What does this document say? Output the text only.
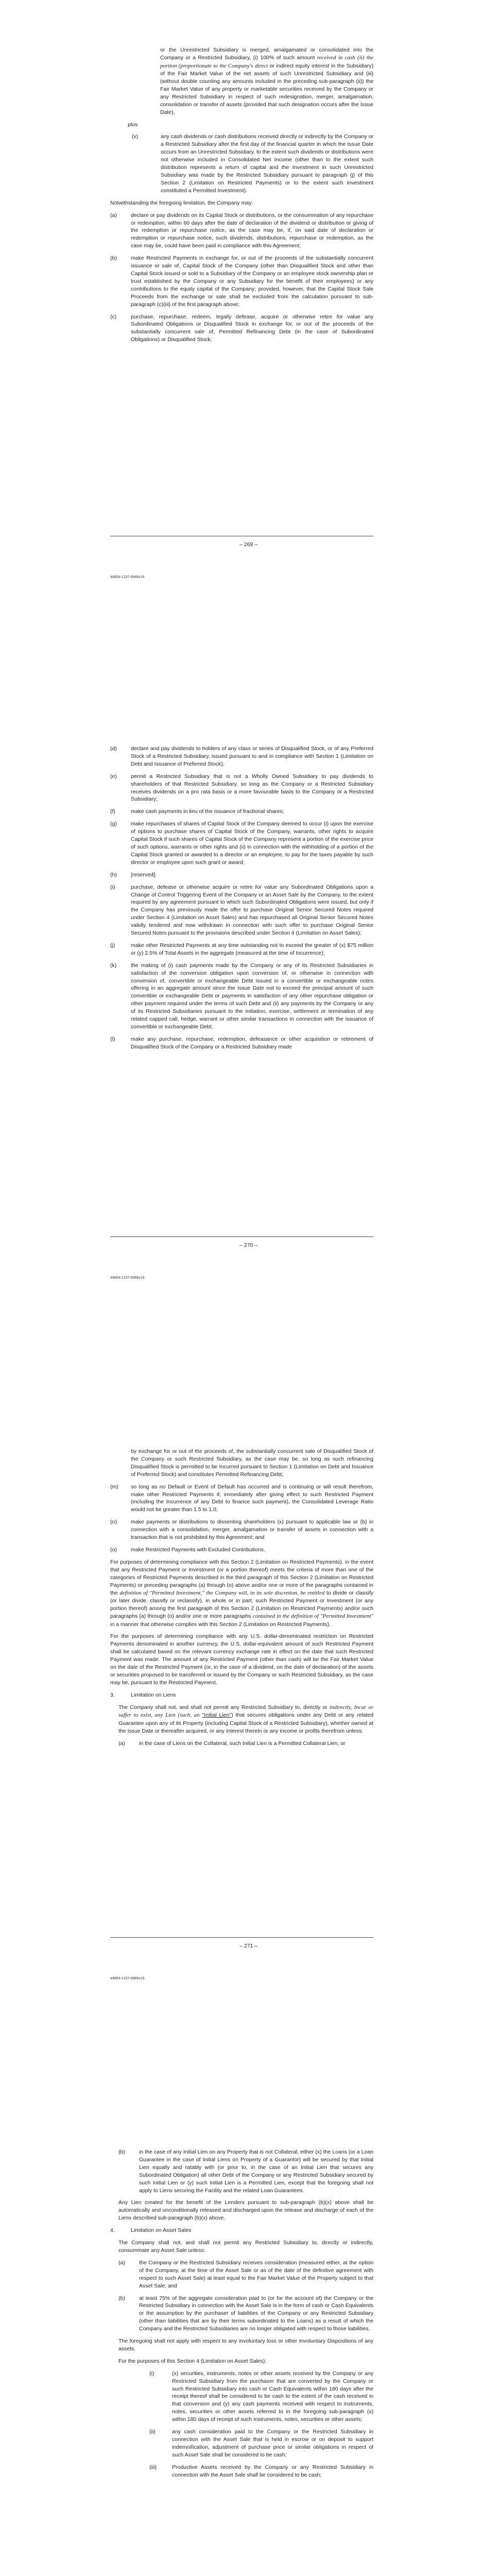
or the Unrestricted Subsidiary is merged, amalgamated or consolidated into the Company or a Restricted Subsidiary, (i) 100% of such amount received in cash (ii) the portion (proportionate to the Company's direct or indirect equity interest in the Subsidiary) of the Fair Market Value of the net assets of such Unrestricted Subsidiary and (iii) (without double counting any amounts included in the preceding sub-paragraph (ii)) the Fair Market Value of any property or marketable securities received by the Company or any Restricted Subsidiary in respect of such redesignation, merger, amalgamation, consolidation or transfer of assets (provided that such designation occurs after the Issue Date),

plus

(v)	any cash dividends or cash distributions received directly or indirectly by the Company or a Restricted Subsidiary after the first day of the financial quarter in which the Issue Date occurs from an Unrestricted Subsidiary, to the extent such dividends or distributions were not otherwise included in Consolidated Net Income (other than to the extent such distribution represents a return of capital and the Investment in such Unrestricted Subsidiary was made by the Restricted Subsidiary pursuant to paragraph (j) of this Section 2 (Limitation on Restricted Payments) or to the extent such Investment constituted a Permitted Investment).

Notwithstanding the foregoing limitation, the Company may:

(a)	declare or pay dividends on its Capital Stock or distributions, or the consummation of any repurchase or redemption, within 60 days after the date of declaration of the dividend or distribution or giving of the redemption or repurchase notice, as the case may be, if, on said date of declaration or redemption or repurchase notice, such dividends, distributions, repurchase or redemption, as the case may be, could have been paid in compliance with this Agreement;

(b)	make Restricted Payments in exchange for, or out of the proceeds of the substantially concurrent issuance or sale of, Capital Stock of the Company (other than Disqualified Stock and other than Capital Stock issued or sold to a Subsidiary of the Company or an employee stock ownership plan or trust established by the Company or any Subsidiary for the benefit of their employees) or any contributions to the equity capital of the Company; provided, however, that the Capital Stock Sale Proceeds from the exchange or sale shall be excluded from the calculation pursuant to sub-paragraph (c)(iii) of the first paragraph above;

(c)	purchase, repurchase, redeem, legally defease, acquire or otherwise retire for value any Subordinated Obligations or Disqualified Stock in exchange for, or out of the proceeds of the substantially concurrent sale of, Permitted Refinancing Debt (in the case of Subordinated Obligations) or Disqualified Stock;

– 269 –
#4854-1237-6966v16
(d)	declare and pay dividends to holders of any class or series of Disqualified Stock, or of any Preferred Stock of a Restricted Subsidiary, issued pursuant to and in compliance with Section 1 (Limitation on Debt and Issuance of Preferred Stock);

(e)	permit a Restricted Subsidiary that is not a Wholly Owned Subsidiary to pay dividends to shareholders of that Restricted Subsidiary, so long as the Company or a Restricted Subsidiary receives dividends on a pro rata basis or a more favourable basis to the Company or a Restricted Subsidiary;

(f)	make cash payments in lieu of the issuance of fractional shares;

(g)	make repurchases of shares of Capital Stock of the Company deemed to occur (i) upon the exercise of options to purchase shares of Capital Stock of the Company, warrants, other rights to acquire Capital Stock if such shares of Capital Stock of the Company represent a portion of the exercise price of such options, warrants or other rights and (ii) in connection with the withholding of a portion of the Capital Stock granted or awarded to a director or an employee, to pay for the taxes payable by such director or employee upon such grant or award;

(h)	[reserved];

(i)	purchase, defease or otherwise acquire or retire for value any Subordinated Obligations upon a Change of Control Triggering Event of the Company or an Asset Sale by the Company, to the extent required by any agreement pursuant to which such Subordinated Obligations were issued, but only if the Company has previously made the offer to purchase Original Senior Secured Notes required under Section 4 (Limitation on Asset Sales) and has repurchased all Original Senior Secured Notes validly tendered and now withdrawn in connection with such offer to purchase Original Senior Secured Notes pursuant to the provisions described under Section 4 (Limitation on Asset Sales);

(j)	make other Restricted Payments at any time outstanding not to exceed the greater of (x) $75 million or (y) 2.5% of Total Assets in the aggregate (measured at the time of Incurrence);

(k)	the making of (i) cash payments made by the Company or any of its Restricted Subsidiaries in satisfaction of the conversion obligation upon conversion of, or otherwise in connection with conversion of, convertible or exchangeable Debt issued in a convertible or exchangeable notes offering in an aggregate amount since the Issue Date not to exceed the principal amount of such convertible or exchangeable Debt or payments in satisfaction of any other repurchase obligation or other payment required under the terms of such Debt and (ii) any payments by the Company or any of its Restricted Subsidiaries pursuant to the initiation, exercise, settlement or termination of any related capped call, hedge, warrant or other similar transactions in connection with the issuance of convertible or exchangeable Debt;

(l)	make any purchase, repurchase, redemption, defeasance or other acquisition or retirement of Disqualified Stock of the Company or a Restricted Subsidiary made

– 270 –
#4854-1237-6966v16

by exchange for or out of the proceeds of, the substantially concurrent sale of Disqualified Stock of the Company or such Restricted Subsidiary, as the case may be, so long as such refinancing Disqualified Stock is permitted to be Incurred pursuant to Section 1 (Limitation on Debt and Issuance of Preferred Stock) and constitutes Permitted Refinancing Debt;

(m)	so long as no Default or Event of Default has occurred and is continuing or will result therefrom, make other Restricted Payments if, immediately after giving effect to such Restricted Payment (including the Incurrence of any Debt to finance such payment), the Consolidated Leverage Ratio would not be greater than 1.5 to 1.0;

(n)	make payments or distributions to dissenting shareholders (x) pursuant to applicable law or (b) in connection with a consolidation, merger, amalgamation or transfer of assets in connection with a transaction that is not prohibited by this Agreement; and

(o)	make Restricted Payments with Excluded Contributions.

For purposes of determining compliance with this Section 2 (Limitation on Restricted Payments), in the event that any Restricted Payment or Investment (or a portion thereof) meets the criteria of more than one of the categories of Restricted Payments described in the third paragraph of this Section 2 (Limitation on Restricted Payments) or preceding paragraphs (a) through (o) above and/or one or more of the paragraphs contained in the definition of "Permitted Investment," the Company will, in its sole discretion, be entitled to divide or classify (or later divide, classify or reclassify), in whole or in part, such Restricted Payment or Investment (or any portion thereof) among the first paragraph of this Section 2 (Limitation on Restricted Payments) and/or such paragraphs (a) through (o) and/or one or more paragraphs contained in the definition of "Permitted Investment" in a manner that otherwise complies with this Section 2 (Limitation on Restricted Payments).

For the purposes of determining compliance with any U.S. dollar-denominated restriction on Restricted Payments denominated in another currency, the U.S. dollar-equivalent amount of such Restricted Payment shall be calculated based on the relevant currency exchange rate in effect on the date that such Restricted Payment was made. The amount of any Restricted Payment (other than cash) will be the Fair Market Value on the date of the Restricted Payment (or, in the case of a dividend, on the date of declaration) of the assets or securities proposed to be transferred or issued by the Company or such Restricted Subsidiary, as the case may be, pursuant to the Restricted Payment.

3.	Limitation on Liens

The Company shall not, and shall not permit any Restricted Subsidiary to, directly or indirectly, Incur or suffer to exist, any Lien (such, an "Initial Lien") that secures obligations under any Debt or any related Guarantee upon any of its Property (including Capital Stock of a Restricted Subsidiary), whether owned at the Issue Date or thereafter acquired, or any interest therein or any income or profits therefrom unless:

(a)	in the case of Liens on the Collateral, such Initial Lien is a Permitted Collateral Lien; or

– 271 –
#4854-1237-6966v16
(b)	in the case of any Initial Lien on any Property that is not Collateral, either (x) the Loans (or a Loan Guarantee in the case of Initial Liens on Property of a Guarantor) will be secured by that Initial Lien equally and ratably with (or prior to, in the case of an Initial Lien that secures any Subordinated Obligation) all other Debt of the Company or any Restricted Subsidiary secured by such Initial Lien or (y) such Initial Lien is a Permitted Lien, except that the foregoing shall not apply to Liens securing the Facility and the related Loan Guarantees.

Any Lien created for the benefit of the Lenders pursuant to sub-paragraph (b)(x) above shall be automatically and unconditionally released and discharged upon the release and discharge of each of the Liens described sub-paragraph (b)(x) above.

4.	Limitation on Asset Sales

The Company shall not, and shall not permit any Restricted Subsidiary to, directly or indirectly, consummate any Asset Sale unless:

(a)	the Company or the Restricted Subsidiary receives consideration (measured either, at the option of the Company, at the time of the Asset Sale or as of the date of the definitive agreement with respect to such Asset Sale) at least equal to the Fair Market Value of the Property subject to that Asset Sale; and

(b)	at least 75% of the aggregate consideration paid to (or for the account of) the Company or the Restricted Subsidiary in connection with the Asset Sale is in the form of cash or Cash Equivalents or the assumption by the purchaser of liabilities of the Company or any Restricted Subsidiary (other than liabilities that are by their terms subordinated to the Loans) as a result of which the Company and the Restricted Subsidiaries are no longer obligated with respect to those liabilities.

The foregoing shall not apply with respect to any involuntary loss or other Involuntary Dispositions of any assets.

For the purposes of this Section 4 (Limitation on Asset Sales):

(i)	(x) securities, instruments, notes or other assets received by the Company or any Restricted Subsidiary from the purchaser that are converted by the Company or such Restricted Subsidiary into cash or Cash Equivalents within 180 days after the receipt thereof shall be considered to be cash to the extent of the cash received in that conversion and (y) any cash payments received with respect to instruments, notes, securities or other assets referred to in the foregoing sub-paragraph (x) within 180 days of receipt of such instruments, notes, securities or other assets;

(ii)	any cash consideration paid to the Company or the Restricted Subsidiary in connection with the Asset Sale that is held in escrow or on deposit to support indemnification, adjustment of purchase price or similar obligations in respect of such Asset Sale shall be considered to be cash;

(iii)	Productive Assets received by the Company or any Restricted Subsidiary in connection with the Asset Sale shall be considered to be cash;
